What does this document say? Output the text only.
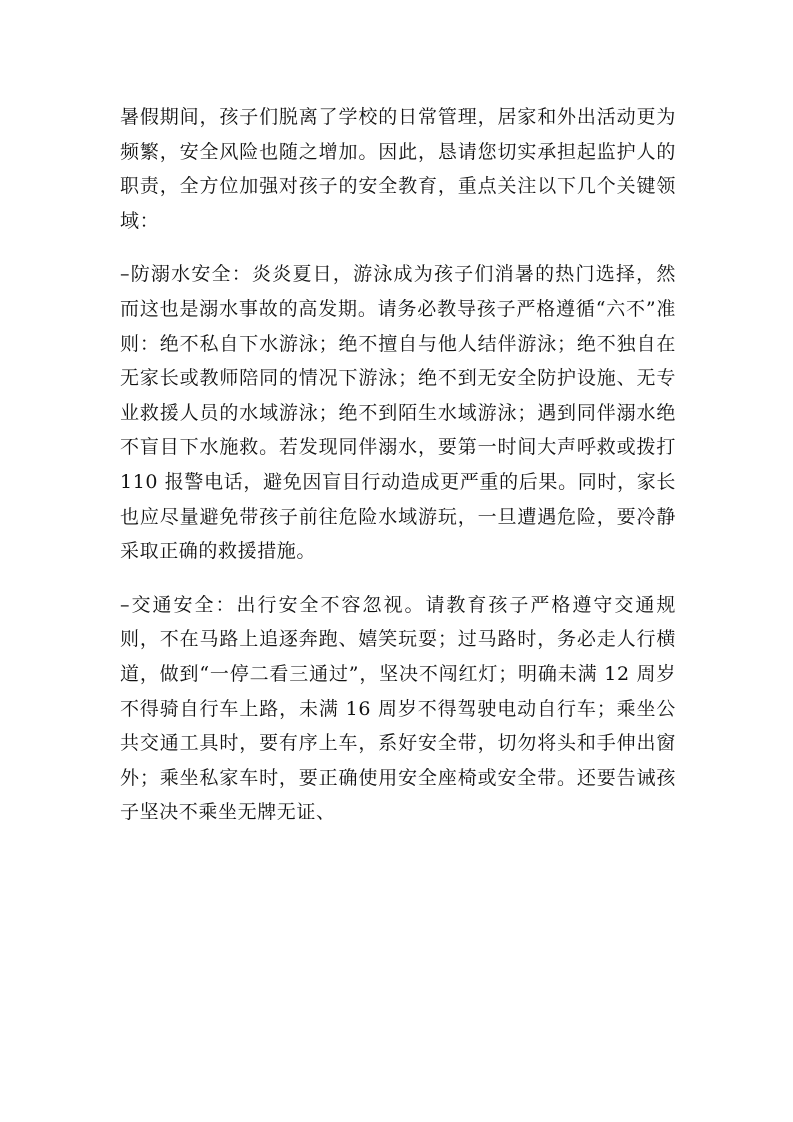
暑假期间，孩子们脱离了学校的日常管理，居家和外出活动更为频繁，安全风险也随之增加。因此，恳请您切实承担起监护人的职责，全方位加强对孩子的安全教育，重点关注以下几个关键领域：

–防溺水安全：炎炎夏日，游泳成为孩子们消暑的热门选择，然而这也是溺水事故的高发期。请务必教导孩子严格遵循“六不”准则：绝不私自下水游泳；绝不擅自与他人结伴游泳；绝不独自在无家长或教师陪同的情况下游泳；绝不到无安全防护设施、无专业救援人员的水域游泳；绝不到陌生水域游泳；遇到同伴溺水绝不盲目下水施救。若发现同伴溺水，要第一时间大声呼救或拨打 110 报警电话，避免因盲目行动造成更严重的后果。同时，家长也应尽量避免带孩子前往危险水域游玩，一旦遭遇危险，要冷静采取正确的救援措施。

–交通安全：出行安全不容忽视。请教育孩子严格遵守交通规则，不在马路上追逐奔跑、嬉笑玩耍；过马路时，务必走人行横道，做到“一停二看三通过”，坚决不闯红灯；明确未满 12 周岁不得骑自行车上路，未满 16 周岁不得驾驶电动自行车；乘坐公共交通工具时，要有序上车，系好安全带，切勿将头和手伸出窗外；乘坐私家车时，要正确使用安全座椅或安全带。还要告诫孩子坚决不乘坐无牌无证、
